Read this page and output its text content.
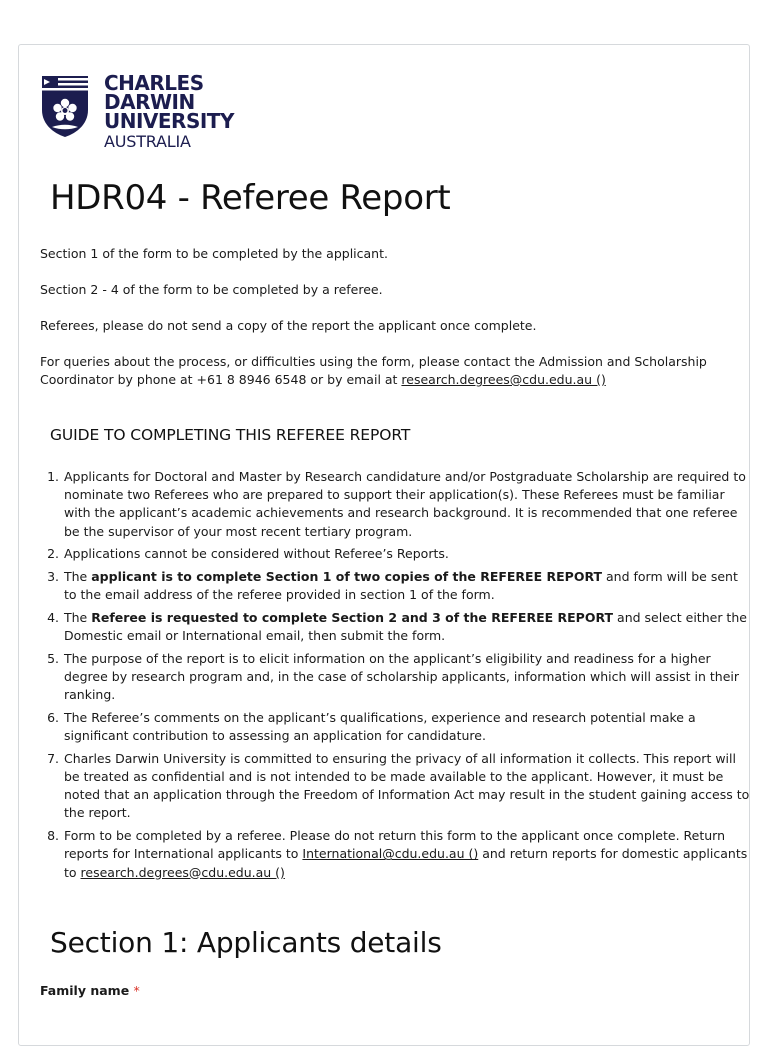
CHARLES
DARWIN
UNIVERSITY
AUSTRALIA
HDR04 - Referee Report

Section 1 of the form to be completed by the applicant.

Section 2 - 4 of the form to be completed by a referee.

Referees, please do not send a copy of the report the applicant once complete.

For queries about the process, or difficulties using the form, please contact the Admission and Scholarship Coordinator by phone at +61 8 8946 6548 or by email at research.degrees@cdu.edu.au ()

GUIDE TO COMPLETING THIS REFEREE REPORT
1. Applicants for Doctoral and Master by Research candidature and/or Postgraduate Scholarship are required to nominate two Referees who are prepared to support their application(s). These Referees must be familiar with the applicant’s academic achievements and research background. It is recommended that one referee be the supervisor of your most recent tertiary program.
2. Applications cannot be considered without Referee’s Reports.
3. The applicant is to complete Section 1 of two copies of the REFEREE REPORT and form will be sent to the email address of the referee provided in section 1 of the form.
4. The Referee is requested to complete Section 2 and 3 of the REFEREE REPORT and select either the Domestic email or International email, then submit the form.
5. The purpose of the report is to elicit information on the applicant’s eligibility and readiness for a higher degree by research program and, in the case of scholarship applicants, information which will assist in their ranking.
6. The Referee’s comments on the applicant’s qualifications, experience and research potential make a significant contribution to assessing an application for candidature.
7. Charles Darwin University is committed to ensuring the privacy of all information it collects. This report will be treated as confidential and is not intended to be made available to the applicant. However, it must be noted that an application through the Freedom of Information Act may result in the student gaining access to the report.
8. Form to be completed by a referee. Please do not return this form to the applicant once complete. Return reports for International applicants to International@cdu.edu.au () and return reports for domestic applicants to research.degrees@cdu.edu.au ()
Section 1: Applicants details
Family name *
